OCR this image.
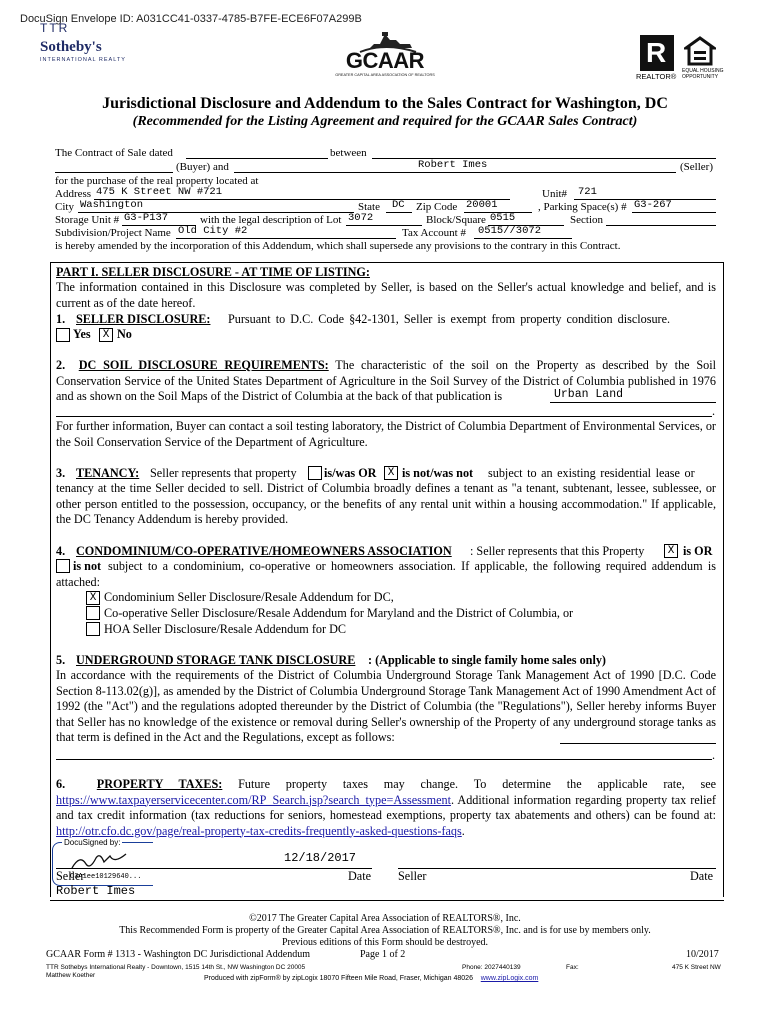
DocuSign Envelope ID: A031CC41-0337-4785-B7FE-ECE6F07A299B
TTR
Sotheby's
INTERNATIONAL REALTY	GCAAR
GREATER CAPITAL AREA ASSOCIATION OF REALTORS
R
REALTOR®
EQUAL HOUSING
OPPORTUNITY
Jurisdictional Disclosure and Addendum to the Sales Contract for Washington, DC
(Recommended for the Listing Agreement and required for the GCAAR Sales Contract)
The Contract of Sale dated	between
(Buyer) and	Robert Imes	(Seller)
for the purchase of the real property located at
Address 475 K Street NW #721	Unit# 721
City Washington	State DC Zip Code 20001	, Parking Space(s) # G3-267
Storage Unit # G3-P137	with the legal description of Lot 3072	Block/Square 0515	Section
Subdivision/Project Name Old City #2	Tax Account # 0515//3072
is hereby amended by the incorporation of this Addendum, which shall supersede any provisions to the contrary in this Contract.
PART I. SELLER DISCLOSURE - AT TIME OF LISTING:
The information contained in this Disclosure was completed by Seller, is based on the Seller's actual knowledge and belief, and is current as of the date hereof.
1. SELLER DISCLOSURE: Pursuant to D.C. Code §42-1301, Seller is exempt from property condition disclosure.
Yes	X No
2. DC SOIL DISCLOSURE REQUIREMENTS: The characteristic of the soil on the Property as described by the Soil Conservation Service of the United States Department of Agriculture in the Soil Survey of the District of Columbia published in 1976 and as shown on the Soil Maps of the District of Columbia at the back of that publication is	Urban Land
.
For further information, Buyer can contact a soil testing laboratory, the District of Columbia Department of Environmental Services, or the Soil Conservation Service of the Department of Agriculture.
3. TENANCY: Seller represents that property is/was OR	X is not/was not subject to an existing residential lease or
tenancy at the time Seller decided to sell. District of Columbia broadly defines a tenant as "a tenant, subtenant, lessee, sublessee, or other person entitled to the possession, occupancy, or the benefits of any rental unit within a housing accommodation." If applicable, the DC Tenancy Addendum is hereby provided.
4. CONDOMINIUM/CO-OPERATIVE/HOMEOWNERS ASSOCIATION : Seller represents that this Property	X is OR
is not subject to a condominium, co-operative or homeowners association. If applicable, the following required addendum is attached:
X Condominium Seller Disclosure/Resale Addendum for DC,
Co-operative Seller Disclosure/Resale Addendum for Maryland and the District of Columbia, or
HOA Seller Disclosure/Resale Addendum for DC
5. UNDERGROUND STORAGE TANK DISCLOSURE : (Applicable to single family home sales only)
In accordance with the requirements of the District of Columbia Underground Storage Tank Management Act of 1990 [D.C. Code Section 8-113.02(g)], as amended by the District of Columbia Underground Storage Tank Management Act of 1990 Amendment Act of 1992 (the "Act") and the regulations adopted thereunder by the District of Columbia (the "Regulations"), Seller hereby informs Buyer that Seller has no knowledge of the existence or removal during Seller's ownership of the Property of any underground storage tanks as that term is defined in the Act and the Regulations, except as follows:
.
6.	PROPERTY TAXES: Future property taxes may change. To determine the applicable rate, see https://www.taxpayerservicecenter.com/RP_Search.jsp?search_type=Assessment. Additional information regarding property tax relief and tax credit information (tax reductions for seniors, homestead exemptions, property tax abatements and others) can be found at: http://otr.cfo.dc.gov/page/real-property-tax-credits-frequently-asked-questions-faqs.
DocuSigned by:
C3A1ee10129640...
12/18/2017
Seller	Date Seller	Date
Robert Imes
©2017 The Greater Capital Area Association of REALTORS®, Inc.
This Recommended Form is property of the Greater Capital Area Association of REALTORS®, Inc. and is for use by members only.
Previous editions of this Form should be destroyed.
GCAAR Form # 1313 - Washington DC Jurisdictional Addendum	Page 1 of 2	10/2017
TTR Sothebys International Realty - Downtown, 1515 14th St., NW Washington DC 20005	Phone: 2027440139	Fax:	475 K Street NW
Matthew Koether	Produced with zipForm® by zipLogix 18070 Fifteen Mile Road, Fraser, Michigan 48026 www.zipLogix.com
